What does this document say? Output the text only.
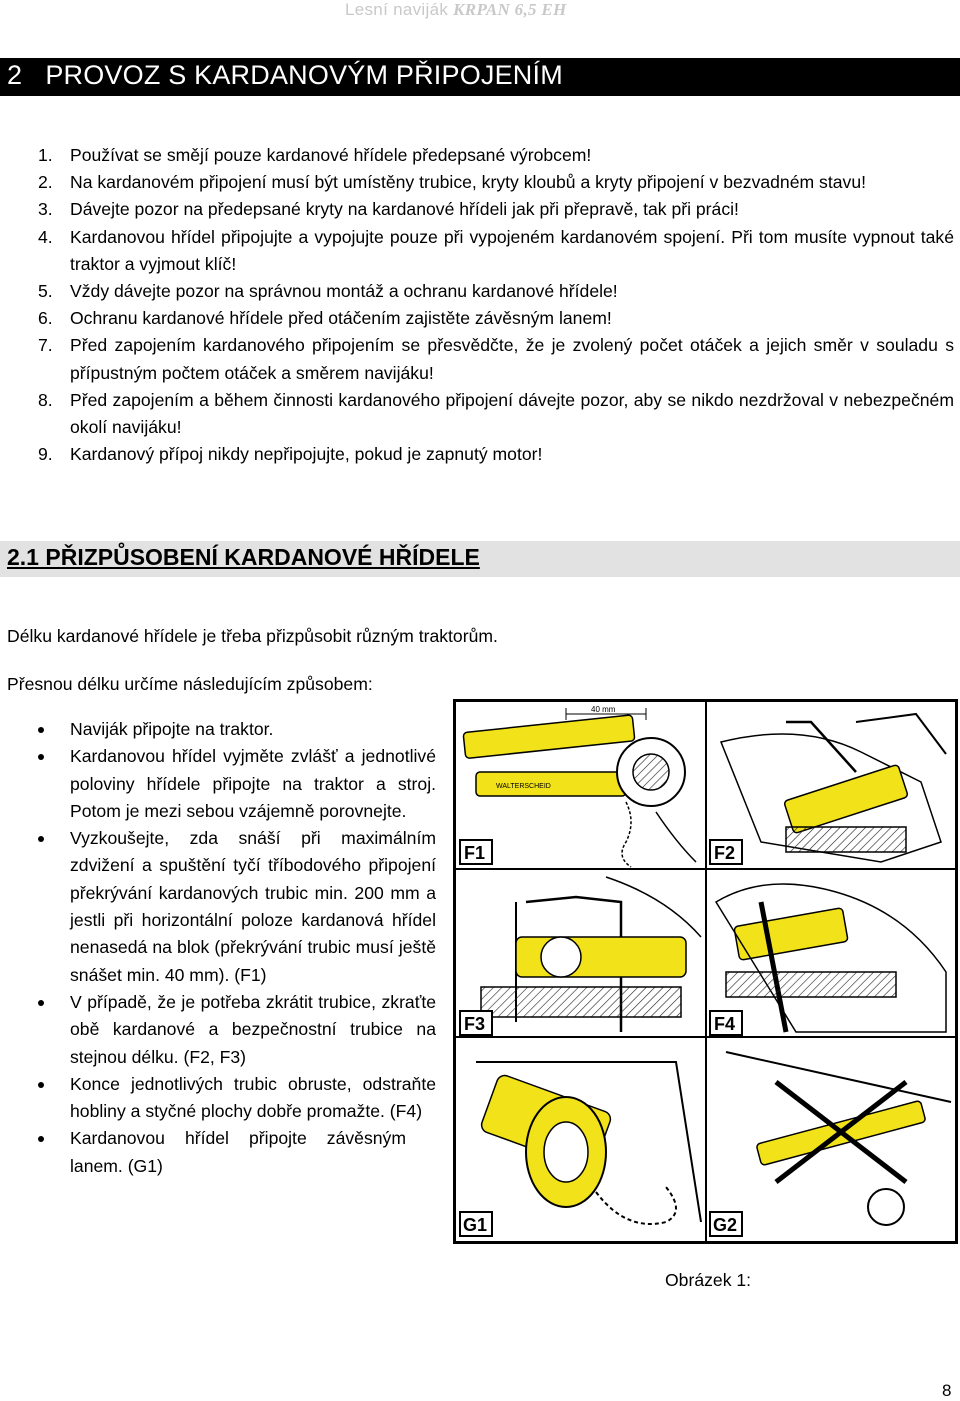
Lesní naviják KRPAN 6,5 EH
2   PROVOZ S KARDANOVÝM PŘIPOJENÍM
1. Používat se smějí pouze kardanové hřídele předepsané výrobcem!
2. Na kardanovém připojení musí být umístěny trubice, kryty kloubů a kryty připojení v bezvadném stavu!
3. Dávejte pozor na předepsané kryty na kardanové hřídeli jak při přepravě, tak při práci!
4. Kardanovou hřídel připojujte a vypojujte pouze při vypojeném kardanovém spojení. Při tom musíte vypnout také traktor a vyjmout klíč!
5. Vždy dávejte pozor na správnou montáž a ochranu kardanové hřídele!
6. Ochranu kardanové hřídele před otáčením zajistěte závěsným lanem!
7. Před zapojením kardanového připojením se přesvědčte, že je zvolený počet otáček a jejich směr v souladu s přípustným počtem otáček a směrem navijáku!
8. Před zapojením a během činnosti kardanového připojení dávejte pozor, aby se nikdo nezdržoval v nebezpečném okolí navijáku!
9. Kardanový přípoj nikdy nepřipojujte, pokud je zapnutý motor!
2.1 PŘIZPŮSOBENÍ KARDANOVÉ HŘÍDELE
Délku kardanové hřídele je třeba přizpůsobit různým traktorům.
Přesnou délku určíme následujícím způsobem:
Naviják připojte na traktor.
Kardanovou hřídel vyjměte zvlášť a jednotlivé poloviny hřídele připojte na traktor a stroj. Potom je mezi sebou vzájemně porovnejte.
Vyzkoušejte, zda snáší při maximálním zdvižení a spuštění tyčí tříbodového připojení překrývání kardanových trubic min. 200 mm a jestli při horizontální poloze kardanová hřídel nenasedá na blok (překrývání trubic musí ještě snášet min. 40 mm). (F1)
V případě, že je potřeba zkrátit trubice, zkraťte obě kardanové a bezpečnostní trubice na stejnou délku. (F2, F3)
Konce jednotlivých trubic obruste, odstraňte hobliny a styčné plochy dobře promažte. (F4)
Kardanovou hřídel připojte závěsným lanem. (G1)
WALTERSCHEID
40 mm
F1	F2
F3	F4
G1	G2
Obrázek 1:
8
